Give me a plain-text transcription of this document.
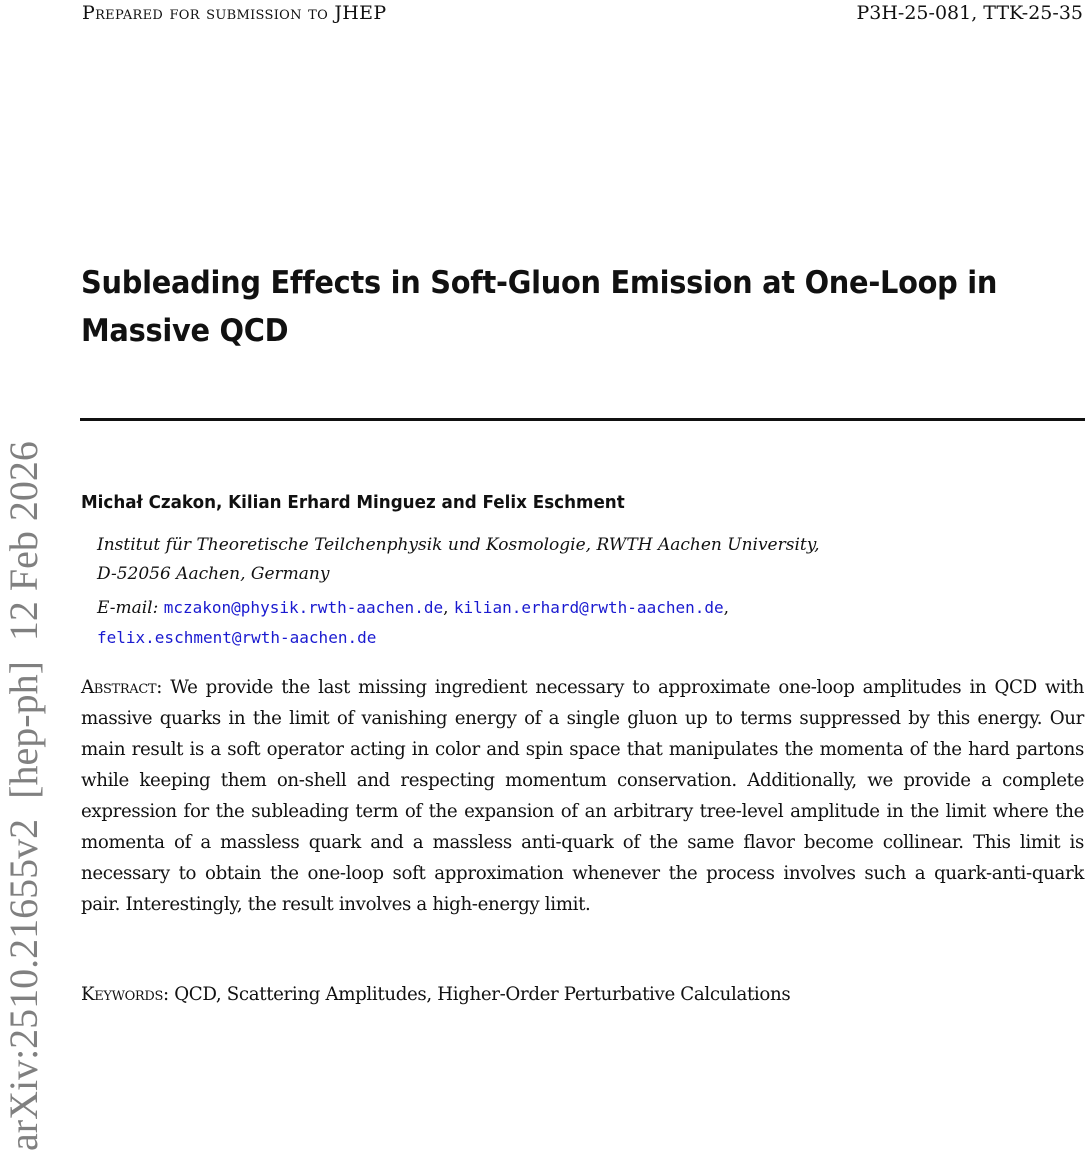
Prepared for submission to JHEP	P3H-25-081, TTK-25-35
Subleading Effects in Soft-Gluon Emission at One-Loop in
Massive QCD
Michał Czakon, Kilian Erhard Minguez and Felix Eschment
Institut für Theoretische Teilchenphysik und Kosmologie, RWTH Aachen University,
D-52056 Aachen, Germany
E-mail: mczakon@physik.rwth-aachen.de, kilian.erhard@rwth-aachen.de,
felix.eschment@rwth-aachen.de
Abstract: We provide the last missing ingredient necessary to approximate one-loop amplitudes in QCD with massive quarks in the limit of vanishing energy of a single gluon up to terms suppressed by this energy. Our main result is a soft operator acting in color and spin space that manipulates the momenta of the hard partons while keeping them on-shell and respecting momentum conservation. Additionally, we provide a complete expression for the subleading term of the expansion of an arbitrary tree-level amplitude in the limit where the momenta of a massless quark and a massless anti-quark of the same flavor become collinear. This limit is necessary to obtain the one-loop soft approximation whenever the process involves such a quark-anti-quark pair. Interestingly, the result involves a high-energy limit.
Keywords: QCD, Scattering Amplitudes, Higher-Order Perturbative Calculations
arXiv:2510.21655v2  [hep-ph]  12 Feb 2026
